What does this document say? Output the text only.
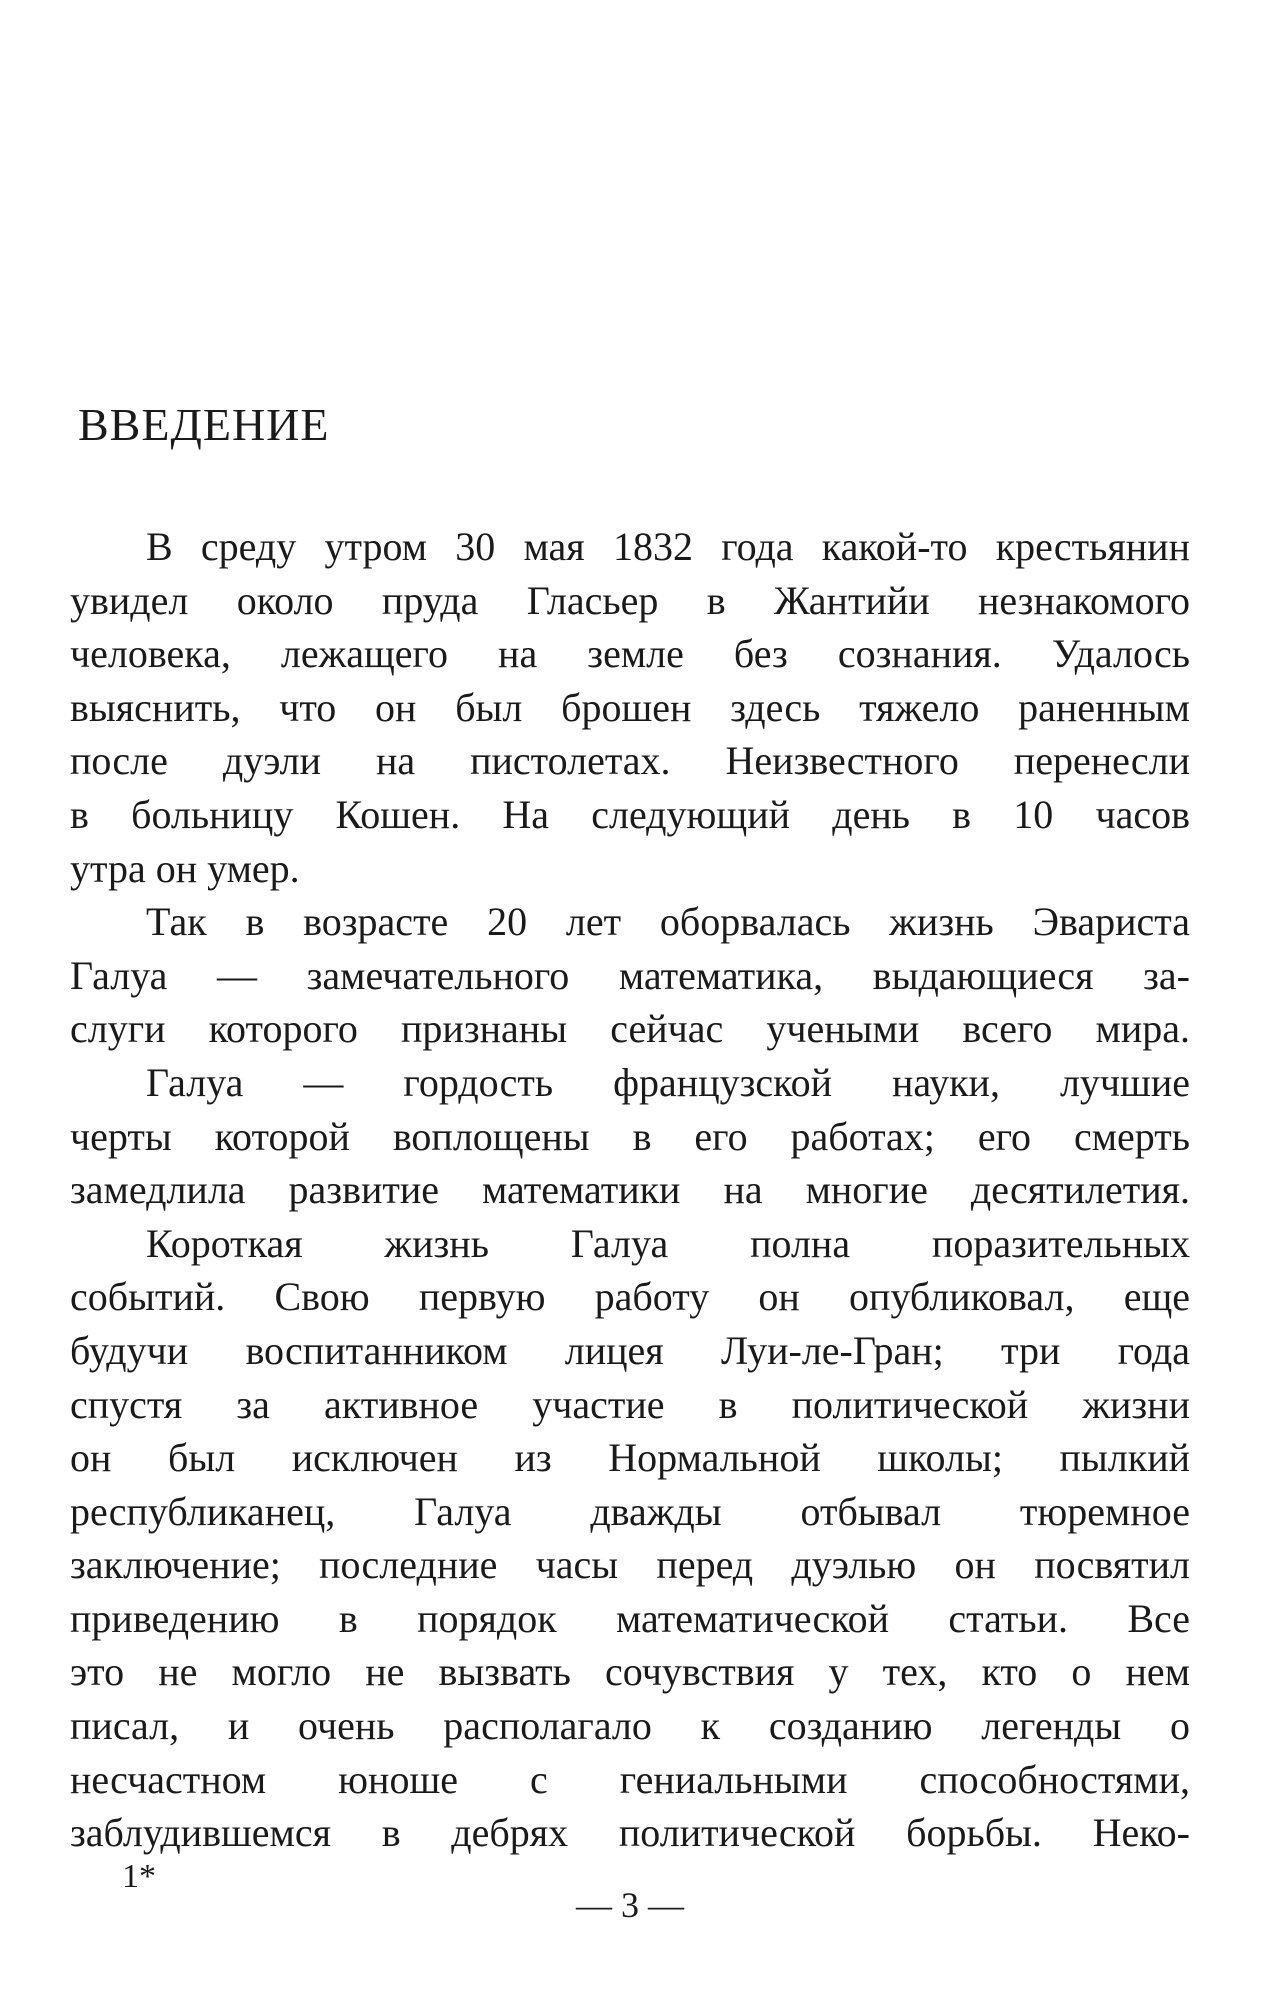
ВВЕДЕНИЕ
В среду утром 30 мая 1832 года какой-то крестьянин
увидел около пруда Гласьер в Жантийи незнакомого
человека, лежащего на земле без сознания. Удалось
выяснить, что он был брошен здесь тяжело раненным
после дуэли на пистолетах. Неизвестного перенесли
в больницу Кошен. На следующий день в 10 часов
утра он умер.
Так в возрасте 20 лет оборвалась жизнь Эвариста
Галуа — замечательного математика, выдающиеся за-
слуги которого признаны сейчас учеными всего мира.
Галуа — гордость французской науки, лучшие
черты которой воплощены в его работах; его смерть
замедлила развитие математики на многие десятилетия.
Короткая жизнь Галуа полна поразительных
событий. Свою первую работу он опубликовал, еще
будучи воспитанником лицея Луи-ле-Гран; три года
спустя за активное участие в политической жизни
он был исключен из Нормальной школы; пылкий
республиканец, Галуа дважды отбывал тюремное
заключение; последние часы перед дуэлью он посвятил
приведению в порядок математической статьи. Все
это не могло не вызвать сочувствия у тех, кто о нем
писал, и очень располагало к созданию легенды о
несчастном юноше с гениальными способностями,
заблудившемся в дебрях политической борьбы. Неко-
1*
— 3 —
